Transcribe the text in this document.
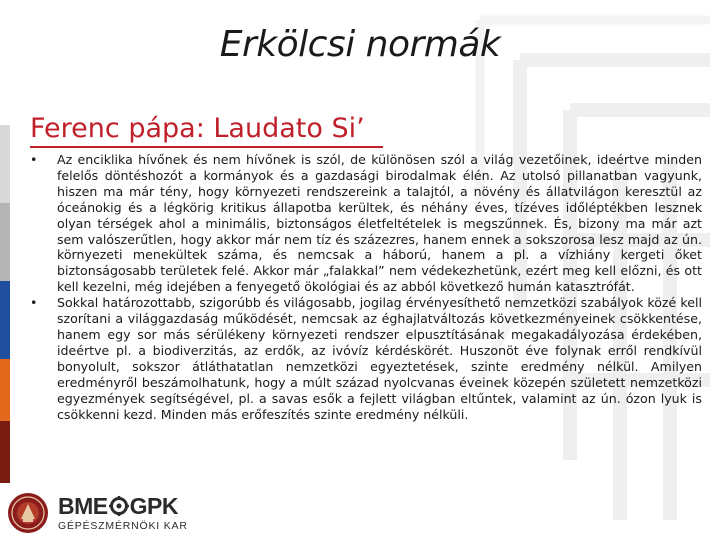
Erkölcsi normák
Ferenc pápa: Laudato Si’
•	Az enciklika hívőnek és nem hívőnek is szól, de különösen szól a világ vezetőinek, ideértve minden felelős döntéshozót a kormányok és a gazdasági birodalmak élén. Az utolsó pillanatban vagyunk, hiszen ma már tény, hogy környezeti rendszereink a talajtól, a növény és állatvilágon keresztül az óceánokig és a légkörig kritikus állapotba kerültek, és néhány éves, tízéves időléptékben lesznek olyan térségek ahol a minimális, biztonságos életfeltételek is megszűnnek. És, bizony ma már azt sem valószerűtlen, hogy akkor már nem tíz és százezres, hanem ennek a sokszorosa lesz majd az ún. környezeti menekültek száma, és nemcsak a háború, hanem a pl. a vízhiány kergeti őket biztonságosabb területek felé. Akkor már „falakkal” nem védekezhetünk, ezért meg kell előzni, és ott kell kezelni, még idejében a fenyegető ökológiai és az abból következő humán katasztrófát.
•	Sokkal határozottabb, szigorúbb és világosabb, jogilag érvényesíthető nemzetközi szabályok közé kell szorítani a világgazdaság működését, nemcsak az éghajlatváltozás következményeinek csökkentése, hanem egy sor más sérülékeny környezeti rendszer elpusztításának megakadályozása érdekében, ideértve pl. a biodiverzitás, az erdők, az ivóvíz kérdéskörét. Huszonöt éve folynak erről rendkívül bonyolult, sokszor átláthatatlan nemzetközi egyeztetések, szinte eredmény nélkül. Amilyen eredményről beszámolhatunk, hogy a múlt század nyolcvanas éveinek közepén született nemzetközi egyezmények segítségével, pl. a savas esők a fejlett világban eltűntek, valamint az ún. ózon lyuk is csökkenni kezd. Minden más erőfeszítés szinte eredmény nélküli.
BME GPK
GÉPÉSZMÉRNÖKI KAR
